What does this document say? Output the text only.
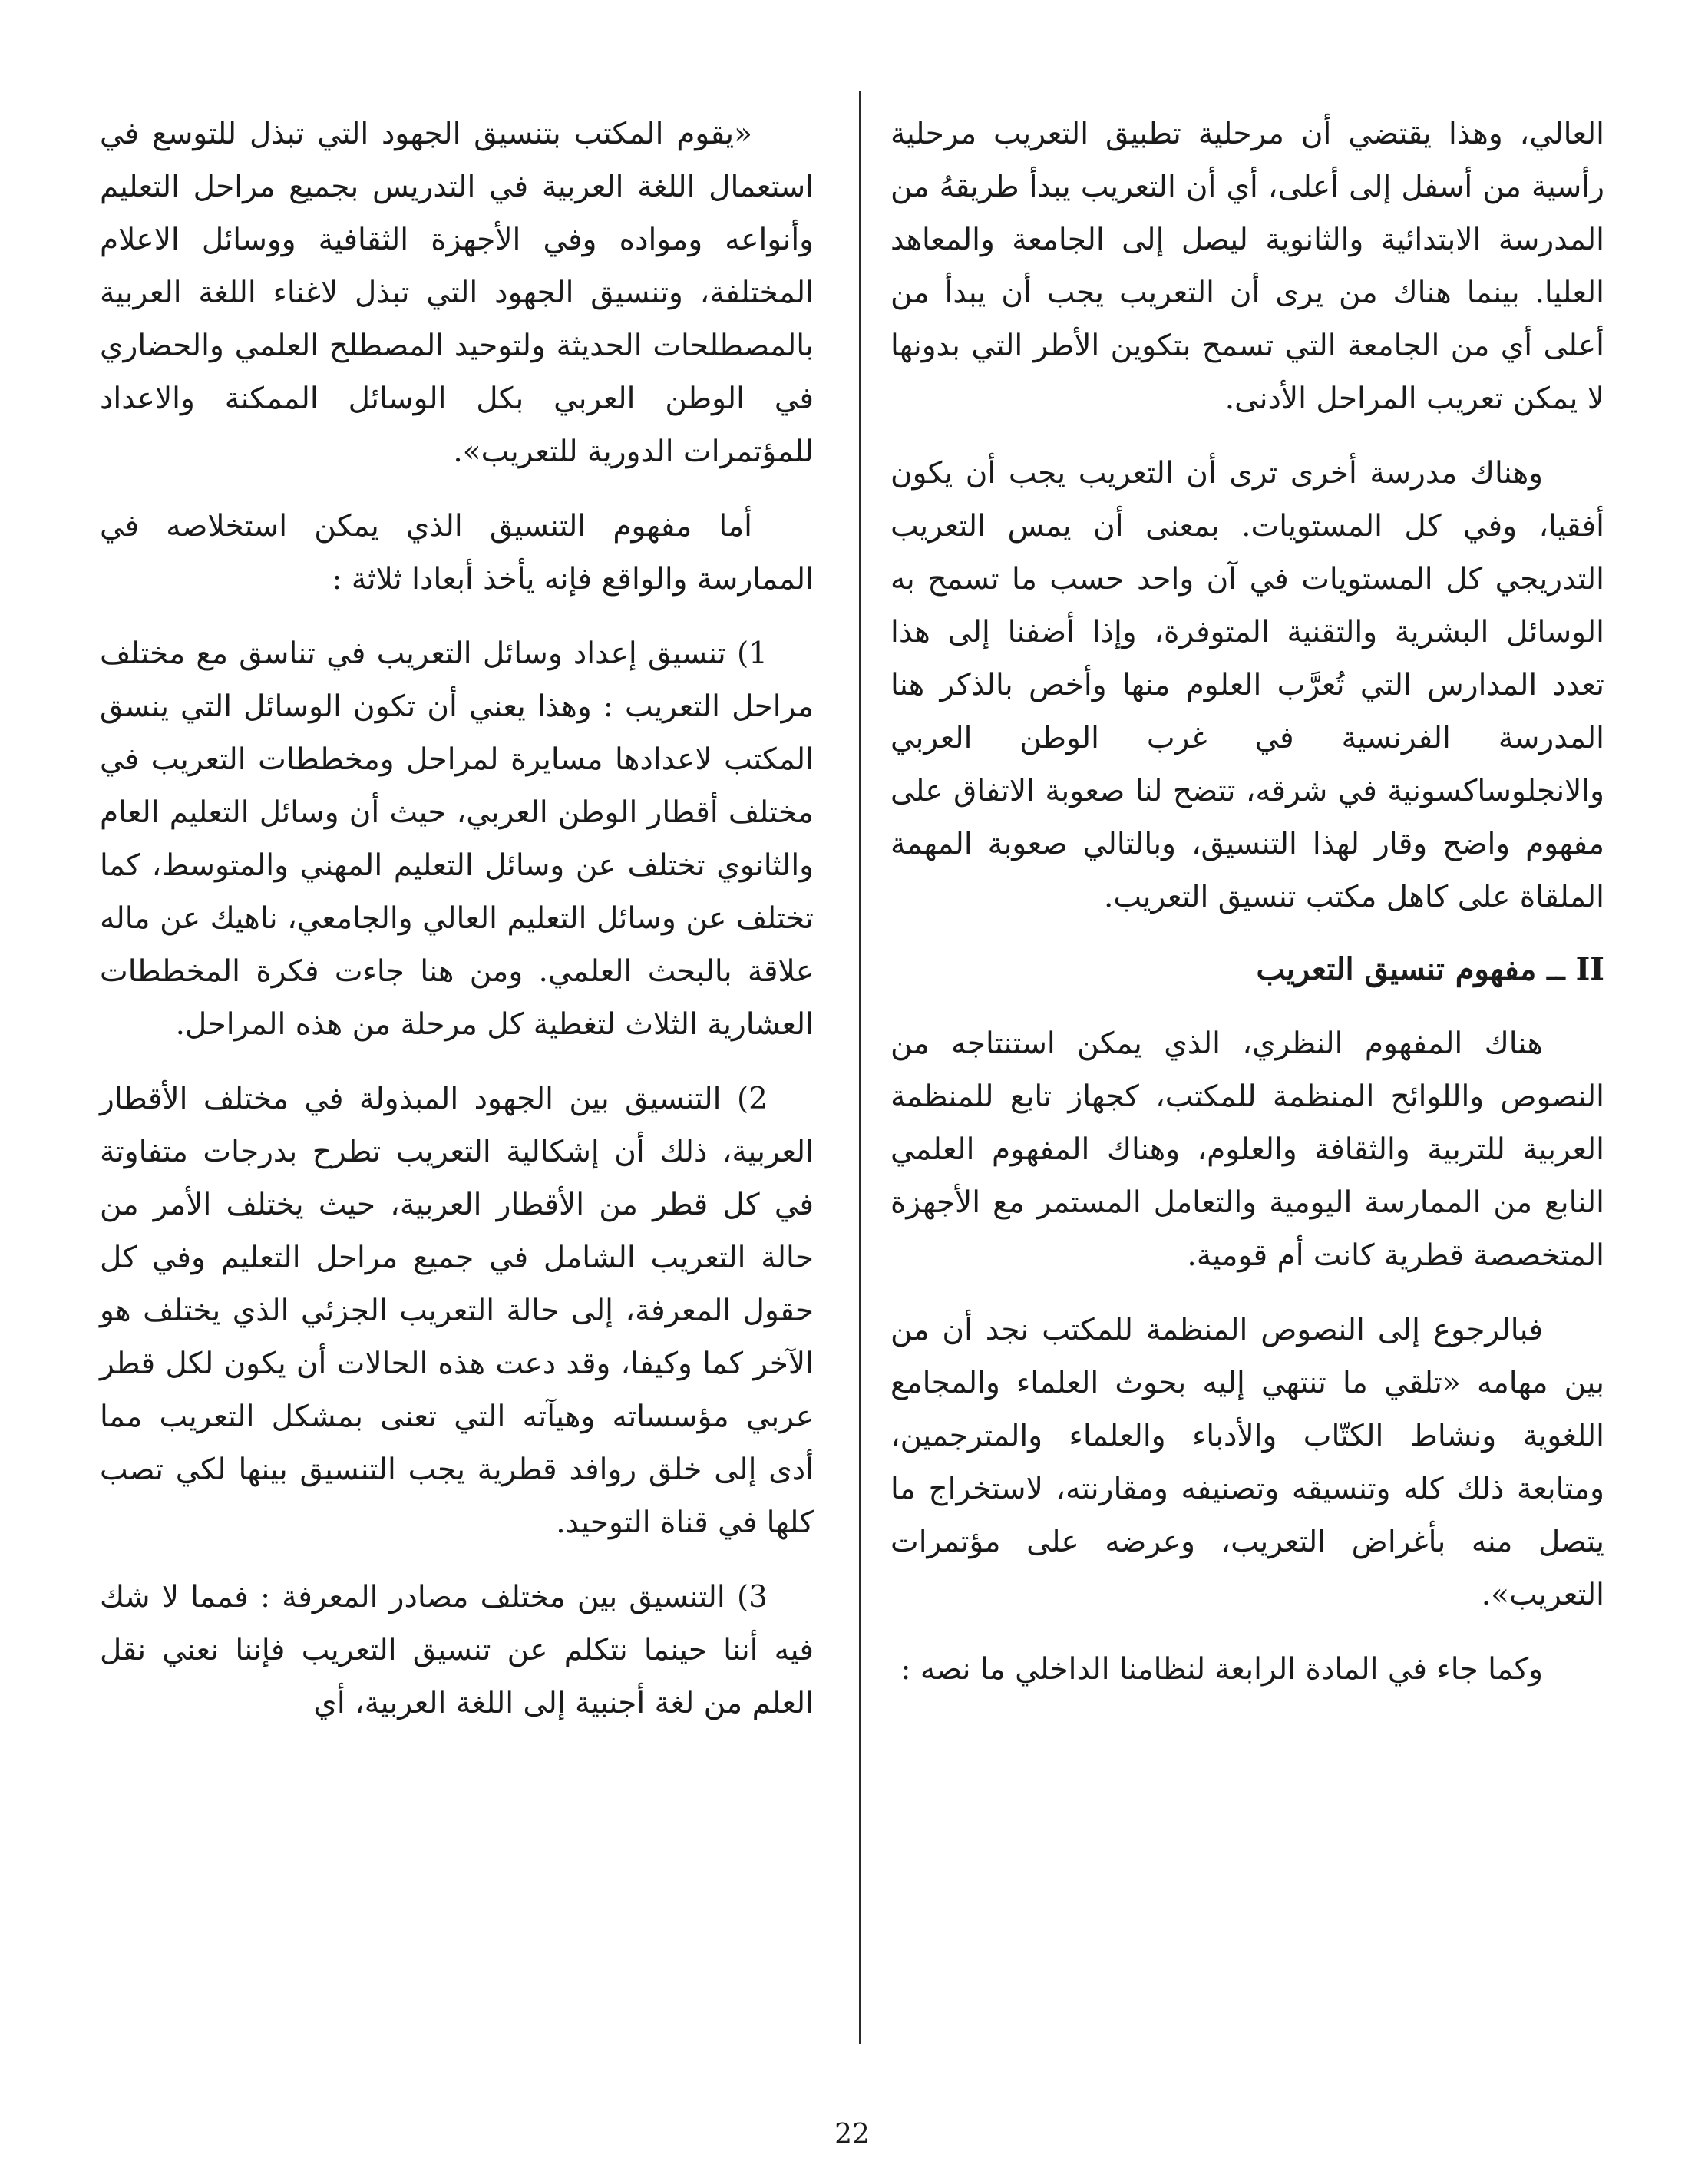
العالي، وهذا يقتضي أن مرحلية تطبيق التعريب مرحلية رأسية من أسفل إلى أعلى، أي أن التعريب يبدأ طريقهُ من المدرسة الابتدائية والثانوية ليصل إلى الجامعة والمعاهد العليا. بينما هناك من يرى أن التعريب يجب أن يبدأ من أعلى أي من الجامعة التي تسمح بتكوين الأطر التي بدونها لا يمكن تعريب المراحل الأدنى.

وهناك مدرسة أخرى ترى أن التعريب يجب أن يكون أفقيا، وفي كل المستويات. بمعنى أن يمس التعريب التدريجي كل المستويات في آن واحد حسب ما تسمح به الوسائل البشرية والتقنية المتوفرة، وإذا أضفنا إلى هذا تعدد المدارس التي تُعرَّب العلوم منها وأخص بالذكر هنا المدرسة الفرنسية في غرب الوطن العربي والانجلوساكسونية في شرقه، تتضح لنا صعوبة الاتفاق على مفهوم واضح وقار لهذا التنسيق، وبالتالي صعوبة المهمة الملقاة على كاهل مكتب تنسيق التعريب.

II ــ مفهوم تنسيق التعريب

هناك المفهوم النظري، الذي يمكن استنتاجه من النصوص واللوائح المنظمة للمكتب، كجهاز تابع للمنظمة العربية للتربية والثقافة والعلوم، وهناك المفهوم العلمي النابع من الممارسة اليومية والتعامل المستمر مع الأجهزة المتخصصة قطرية كانت أم قومية.

فبالرجوع إلى النصوص المنظمة للمكتب نجد أن من بين مهامه «تلقي ما تنتهي إليه بحوث العلماء والمجامع اللغوية ونشاط الكتّاب والأدباء والعلماء والمترجمين، ومتابعة ذلك كله وتنسيقه وتصنيفه ومقارنته، لاستخراج ما يتصل منه بأغراض التعريب، وعرضه على مؤتمرات التعريب».

وكما جاء في المادة الرابعة لنظامنا الداخلي ما نصه :

«يقوم المكتب بتنسيق الجهود التي تبذل للتوسع في استعمال اللغة العربية في التدريس بجميع مراحل التعليم وأنواعه ومواده وفي الأجهزة الثقافية ووسائل الاعلام المختلفة، وتنسيق الجهود التي تبذل لاغناء اللغة العربية بالمصطلحات الحديثة ولتوحيد المصطلح العلمي والحضاري في الوطن العربي بكل الوسائل الممكنة والاعداد للمؤتمرات الدورية للتعريب».

أما مفهوم التنسيق الذي يمكن استخلاصه في الممارسة والواقع فإنه يأخذ أبعادا ثلاثة :

1) تنسيق إعداد وسائل التعريب في تناسق مع مختلف مراحل التعريب : وهذا يعني أن تكون الوسائل التي ينسق المكتب لاعدادها مسايرة لمراحل ومخططات التعريب في مختلف أقطار الوطن العربي، حيث أن وسائل التعليم العام والثانوي تختلف عن وسائل التعليم المهني والمتوسط، كما تختلف عن وسائل التعليم العالي والجامعي، ناهيك عن ماله علاقة بالبحث العلمي. ومن هنا جاءت فكرة المخططات العشارية الثلاث لتغطية كل مرحلة من هذه المراحل.

2) التنسيق بين الجهود المبذولة في مختلف الأقطار العربية، ذلك أن إشكالية التعريب تطرح بدرجات متفاوتة في كل قطر من الأقطار العربية، حيث يختلف الأمر من حالة التعريب الشامل في جميع مراحل التعليم وفي كل حقول المعرفة، إلى حالة التعريب الجزئي الذي يختلف هو الآخر كما وكيفا، وقد دعت هذه الحالات أن يكون لكل قطر عربي مؤسساته وهيآته التي تعنى بمشكل التعريب مما أدى إلى خلق روافد قطرية يجب التنسيق بينها لكي تصب كلها في قناة التوحيد.

3) التنسيق بين مختلف مصادر المعرفة : فمما لا شك فيه أننا حينما نتكلم عن تنسيق التعريب فإننا نعني نقل العلم من لغة أجنبية إلى اللغة العربية، أي

22
